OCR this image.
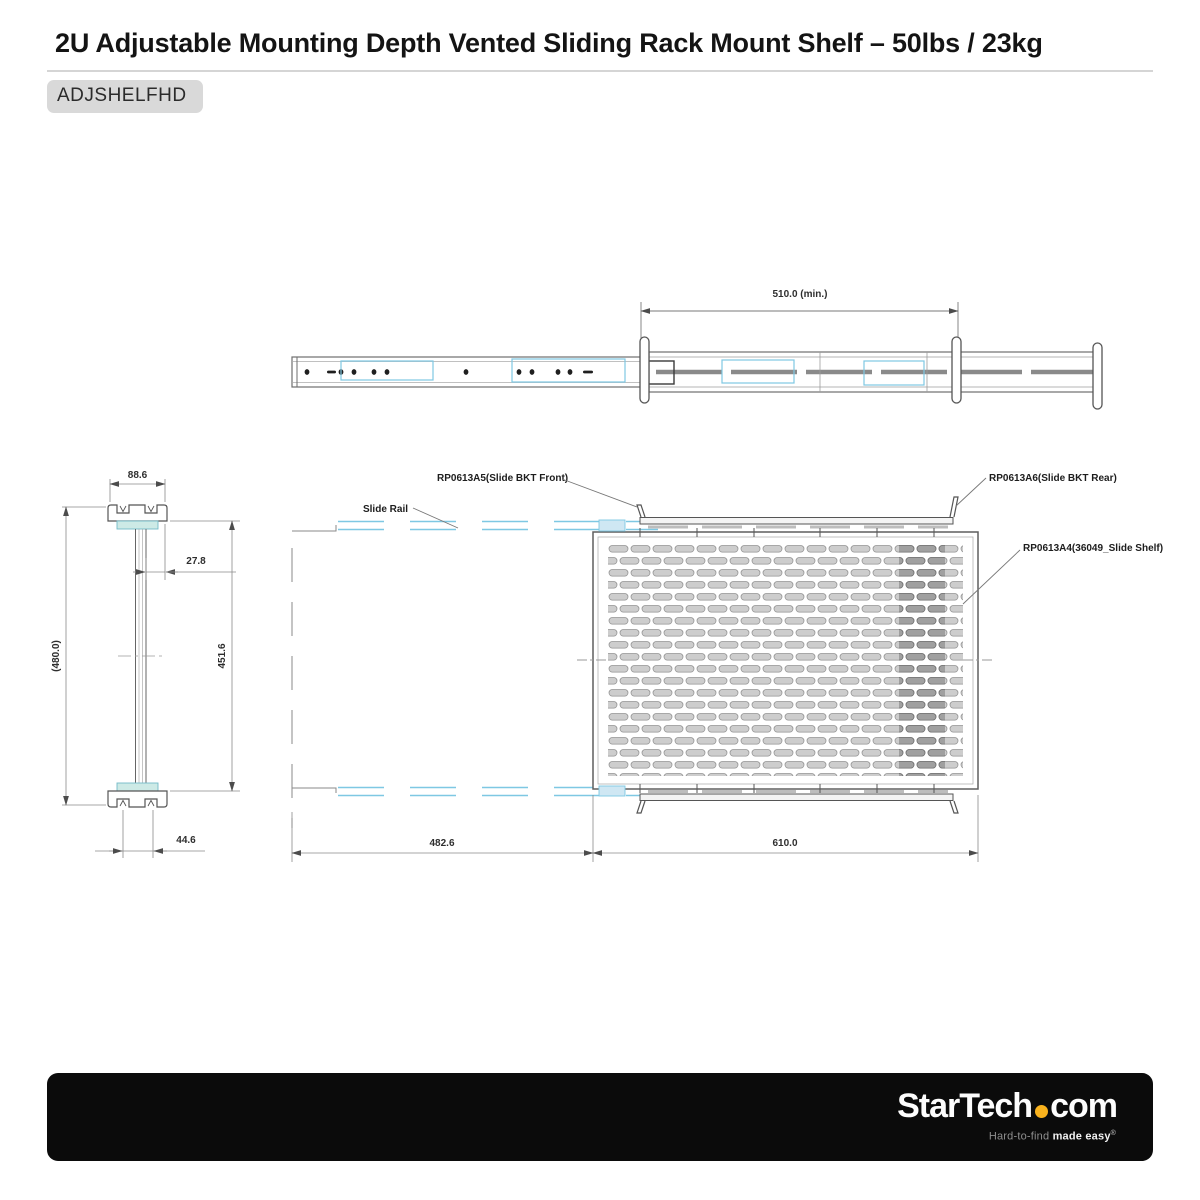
2U Adjustable Mounting Depth Vented Sliding Rack Mount Shelf – 50lbs / 23kg
ADJSHELFHD
510.0 (min.)
88.6
(480.0)
27.8
451.6
44.6
Slide Rail
RP0613A5(Slide BKT Front)	RP0613A6(Slide BKT Rear)
RP0613A4(36049_Slide Shelf)
482.6	610.0
StarTech com
Hard-to-find made easy®
